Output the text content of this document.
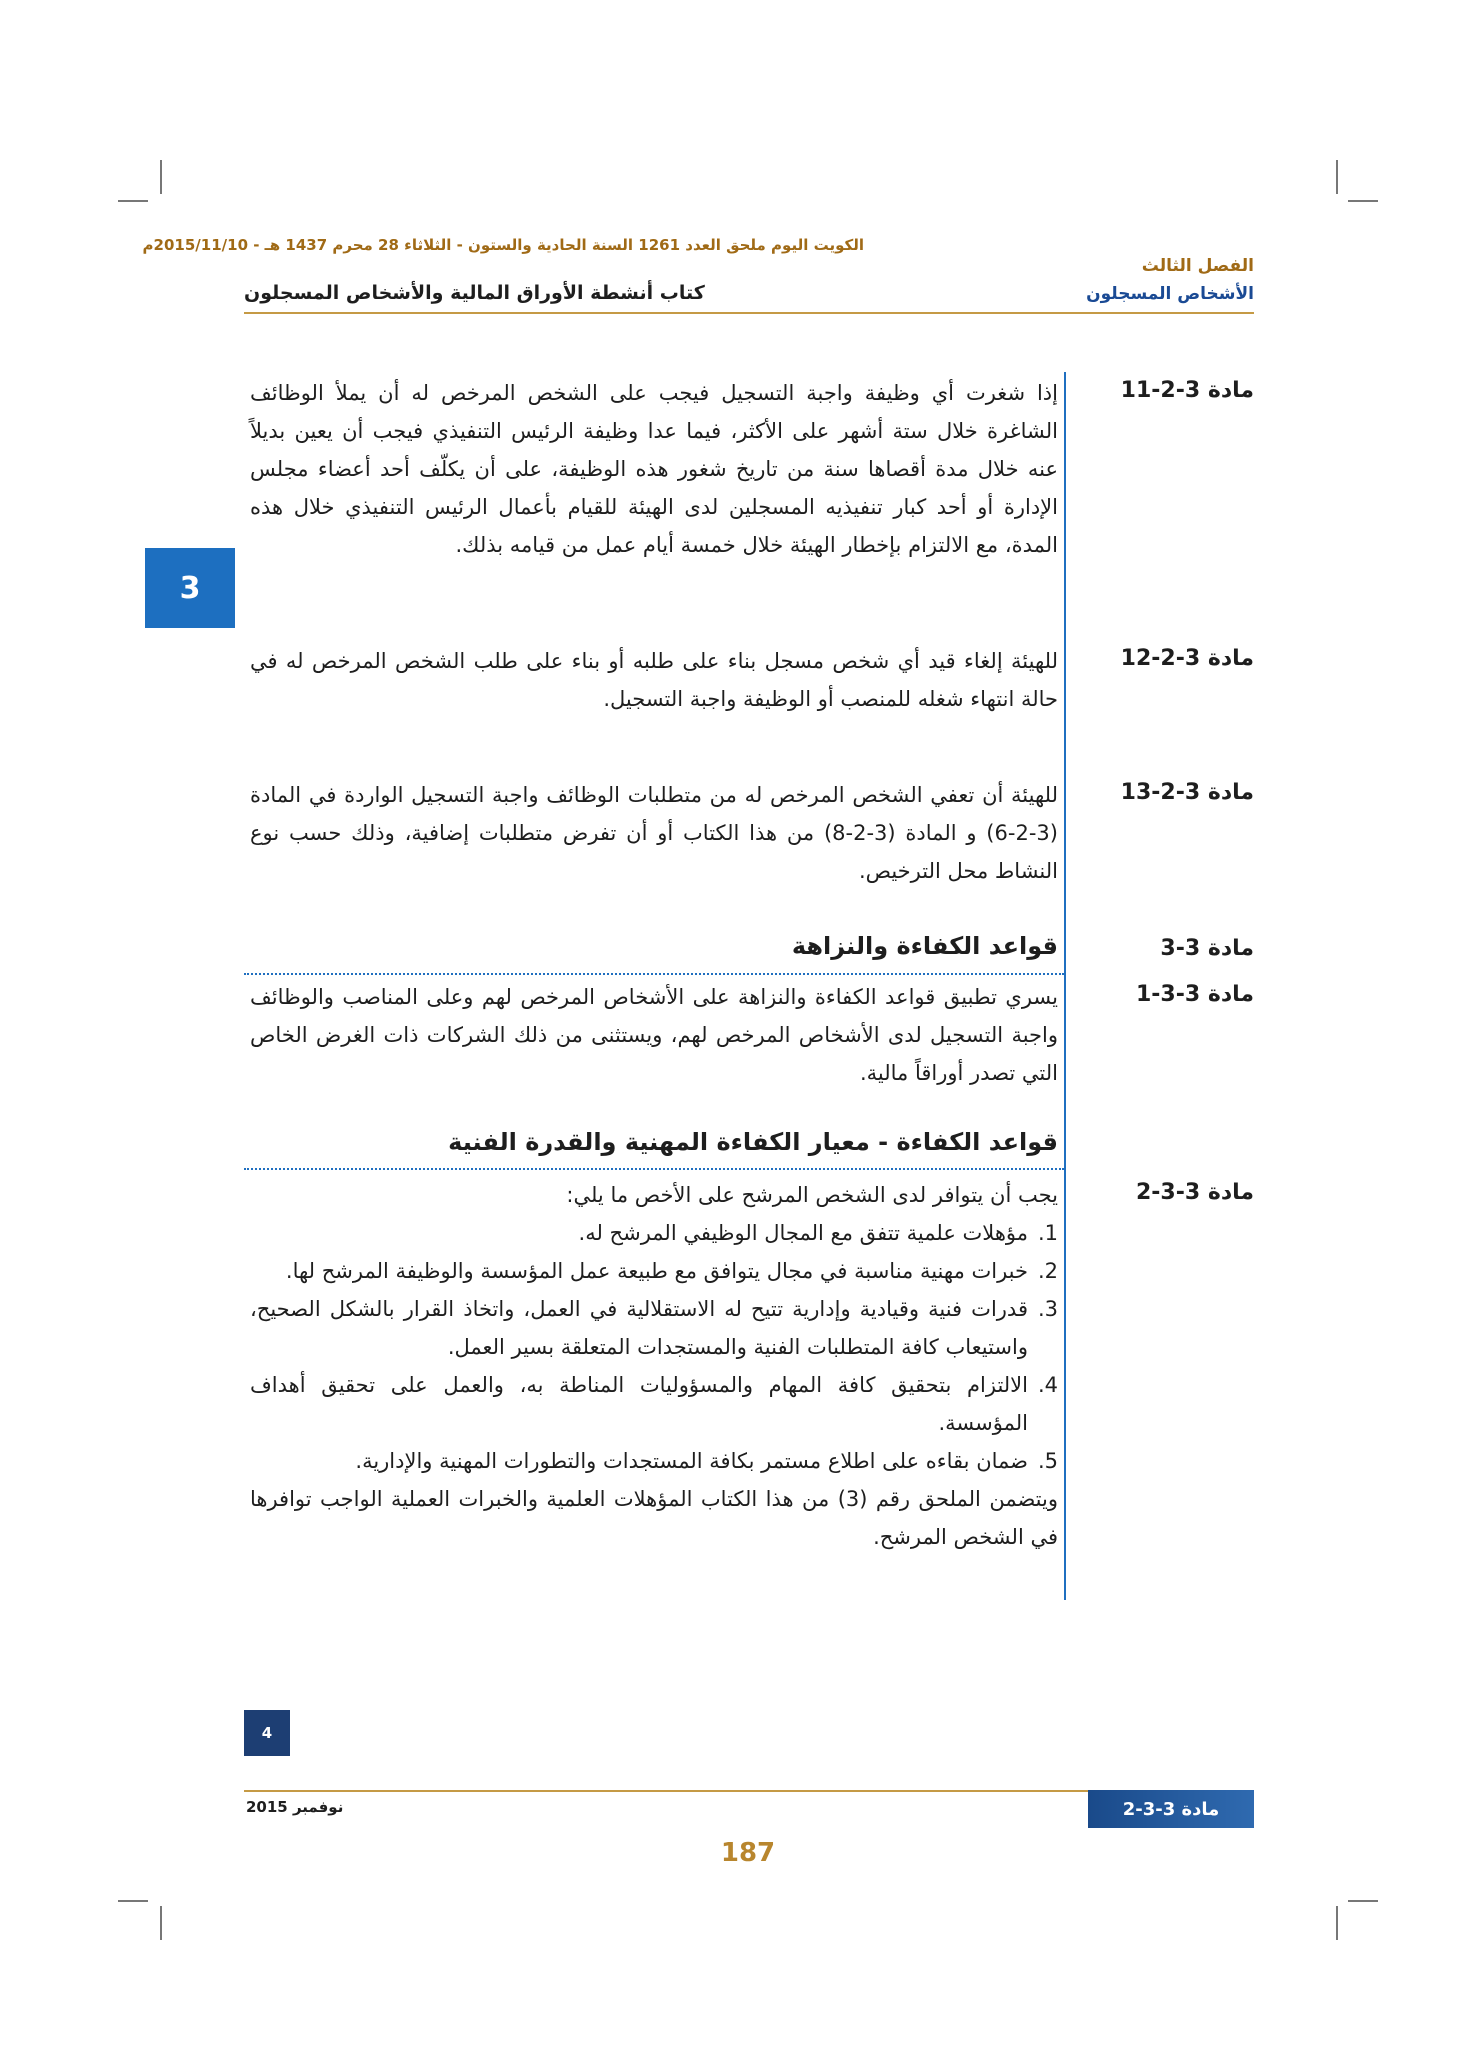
الكويت اليوم ملحق العدد 1261 السنة الحادية والستون - الثلاثاء 28 محرم 1437 هـ - 2015/11/10م
الفصل الثالث
الأشخاص المسجلون
كتاب أنشطة الأوراق المالية والأشخاص المسجلون
3
مادة 3-2-11

إذا شغرت أي وظيفة واجبة التسجيل فيجب على الشخص المرخص له أن يملأ الوظائف الشاغرة خلال ستة أشهر على الأكثر، فيما عدا وظيفة الرئيس التنفيذي فيجب أن يعين بديلاً عنه خلال مدة أقصاها سنة من تاريخ شغور هذه الوظيفة، على أن يكلّف أحد أعضاء مجلس الإدارة أو أحد كبار تنفيذيه المسجلين لدى الهيئة للقيام بأعمال الرئيس التنفيذي خلال هذه المدة، مع الالتزام بإخطار الهيئة خلال خمسة أيام عمل من قيامه بذلك.

مادة 3-2-12

للهيئة إلغاء قيد أي شخص مسجل بناء على طلبه أو بناء على طلب الشخص المرخص له في حالة انتهاء شغله للمنصب أو الوظيفة واجبة التسجيل.

مادة 3-2-13

للهيئة أن تعفي الشخص المرخص له من متطلبات الوظائف واجبة التسجيل الواردة في المادة (3-2-6) و المادة (3-2-8) من هذا الكتاب أو أن تفرض متطلبات إضافية، وذلك حسب نوع النشاط محل الترخيص.

مادة 3-3
قواعد الكفاءة والنزاهة
مادة 3-3-1

يسري تطبيق قواعد الكفاءة والنزاهة على الأشخاص المرخص لهم وعلى المناصب والوظائف واجبة التسجيل لدى الأشخاص المرخص لهم، ويستثنى من ذلك الشركات ذات الغرض الخاص التي تصدر أوراقاً مالية.

قواعد الكفاءة - معيار الكفاءة المهنية والقدرة الفنية
مادة 3-3-2

يجب أن يتوافر لدى الشخص المرشح على الأخص ما يلي:

1.
مؤهلات علمية تتفق مع المجال الوظيفي المرشح له.
2.
خبرات مهنية مناسبة في مجال يتوافق مع طبيعة عمل المؤسسة والوظيفة المرشح لها.
3.
قدرات فنية وقيادية وإدارية تتيح له الاستقلالية في العمل، واتخاذ القرار بالشكل الصحيح، واستيعاب كافة المتطلبات الفنية والمستجدات المتعلقة بسير العمل.
4.
الالتزام بتحقيق كافة المهام والمسؤوليات المناطة به، والعمل على تحقيق أهداف المؤسسة.
5.
ضمان بقاءه على اطلاع مستمر بكافة المستجدات والتطورات المهنية والإدارية.

ويتضمن الملحق رقم (3) من هذا الكتاب المؤهلات العلمية والخبرات العملية الواجب توافرها في الشخص المرشح.

4
نوفمبر 2015	مادة 3-3-2
187
